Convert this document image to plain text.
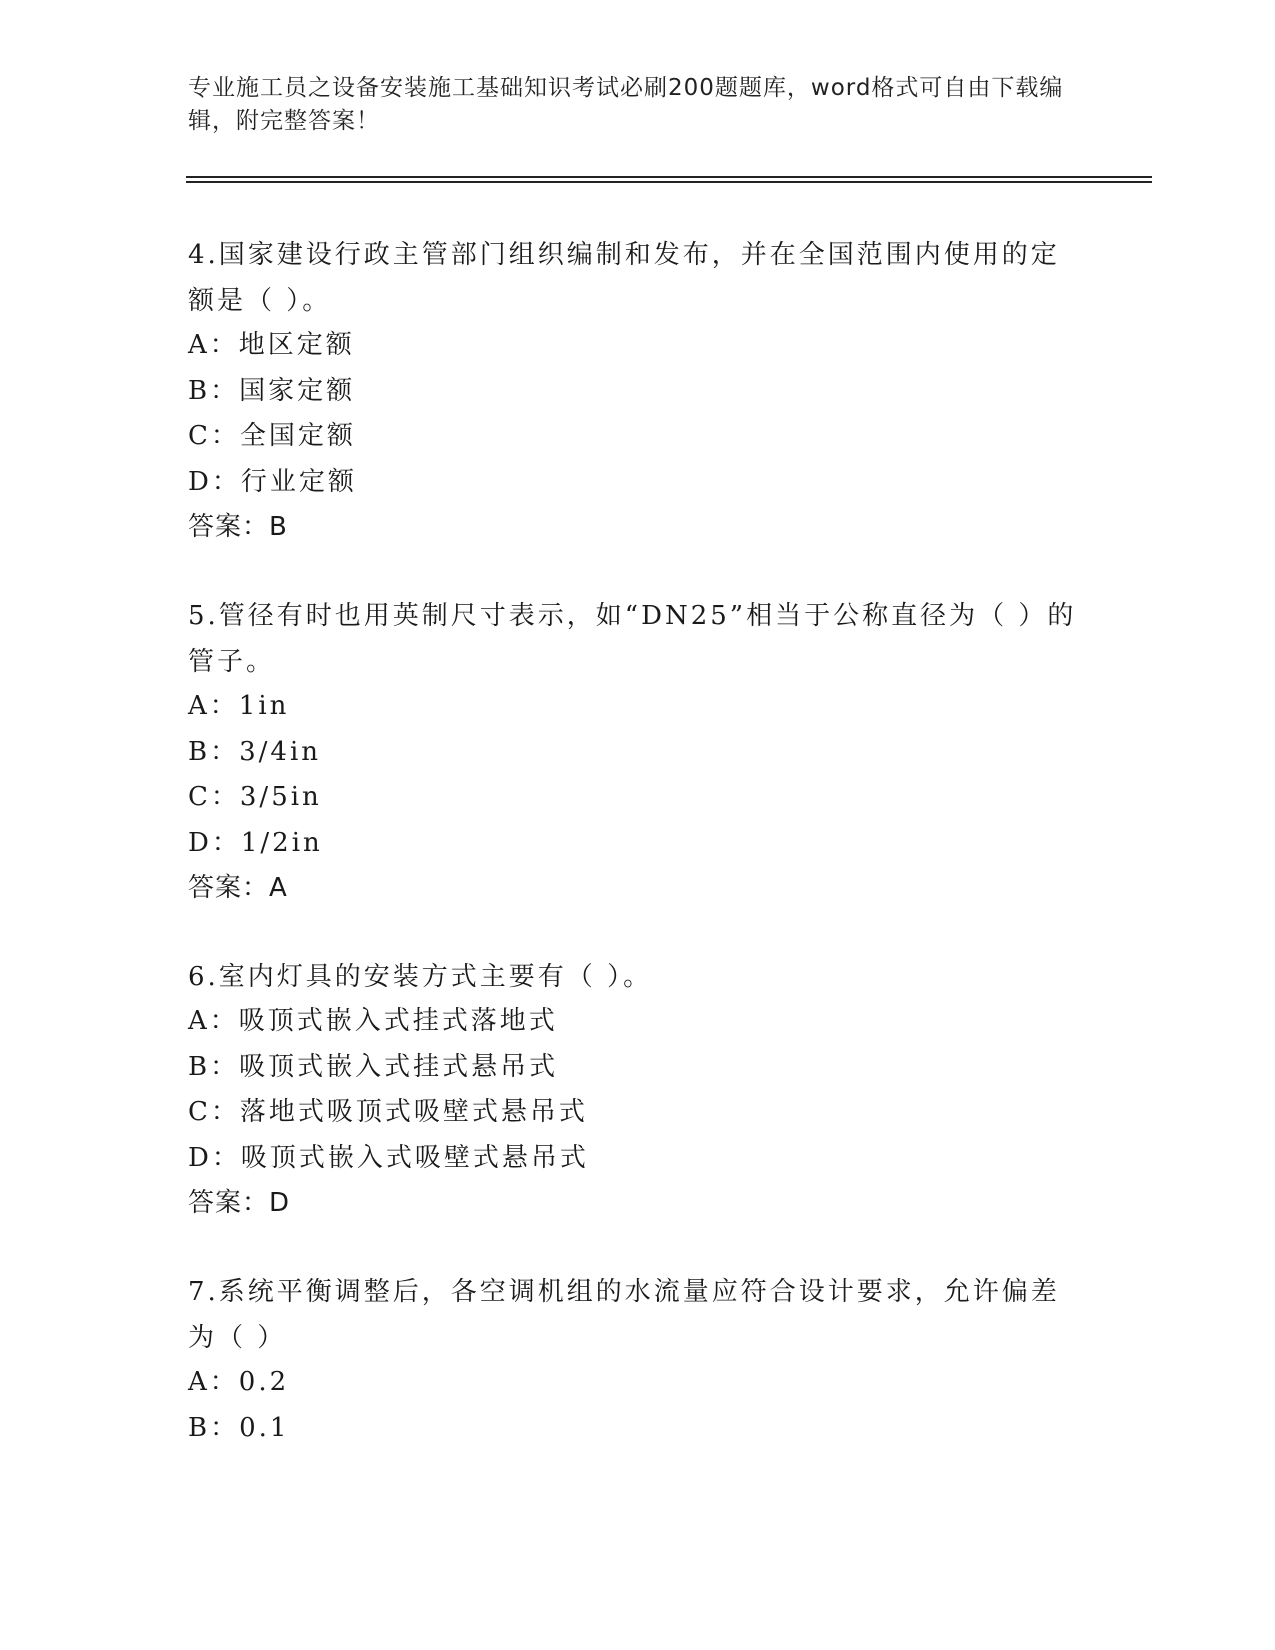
专业施工员之设备安装施工基础知识考试必刷200题题库，word格式可自由下载编辑，附完整答案！
4.国家建设行政主管部门组织编制和发布，并在全国范围内使用的定额是（ ）。
A：地区定额
B：国家定额
C：全国定额
D：行业定额
答案：B
5.管径有时也用英制尺寸表示，如“DN25”相当于公称直径为（ ）的管子。
A：1in
B：3/4in
C：3/5in
D：1/2in
答案：A
6.室内灯具的安装方式主要有（ ）。
A：吸顶式嵌入式挂式落地式
B：吸顶式嵌入式挂式悬吊式
C：落地式吸顶式吸壁式悬吊式
D：吸顶式嵌入式吸壁式悬吊式
答案：D
7.系统平衡调整后，各空调机组的水流量应符合设计要求，允许偏差为（ ）
A：0.2
B：0.1
